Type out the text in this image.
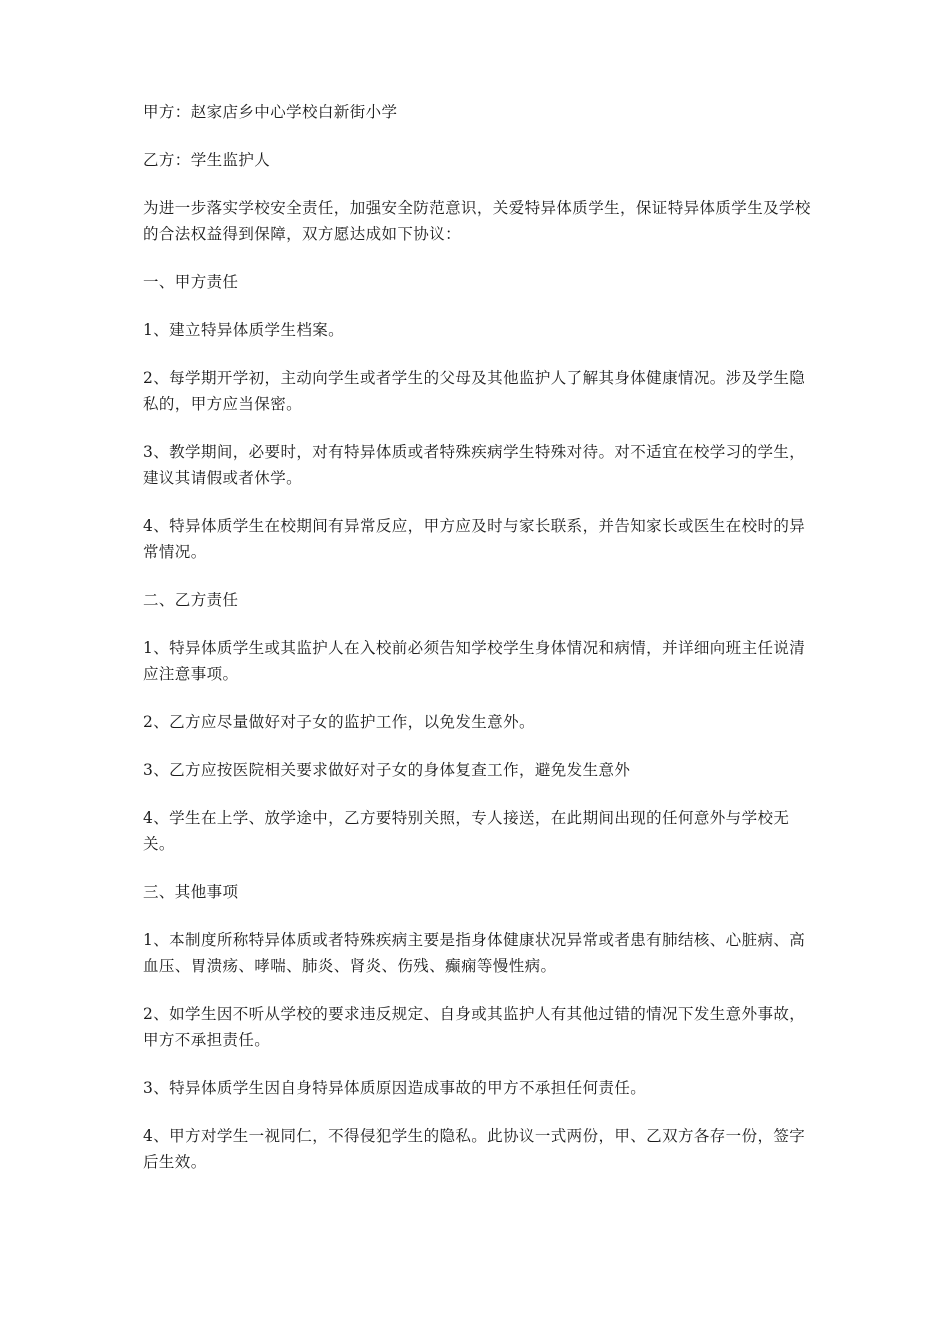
甲方：赵家店乡中心学校白新街小学

乙方：学生监护人

为进一步落实学校安全责任，加强安全防范意识，关爱特异体质学生，保证特异体质学生及学校的合法权益得到保障，双方愿达成如下协议：

一、甲方责任

1、建立特异体质学生档案。

2、每学期开学初，主动向学生或者学生的父母及其他监护人了解其身体健康情况。涉及学生隐私的，甲方应当保密。

3、教学期间，必要时，对有特异体质或者特殊疾病学生特殊对待。对不适宜在校学习的学生，建议其请假或者休学。

4、特异体质学生在校期间有异常反应，甲方应及时与家长联系，并告知家长或医生在校时的异常情况。

二、乙方责任

1、特异体质学生或其监护人在入校前必须告知学校学生身体情况和病情，并详细向班主任说清应注意事项。

2、乙方应尽量做好对子女的监护工作，以免发生意外。

3、乙方应按医院相关要求做好对子女的身体复查工作，避免发生意外

4、学生在上学、放学途中，乙方要特别关照，专人接送，在此期间出现的任何意外与学校无关。

三、其他事项

1、本制度所称特异体质或者特殊疾病主要是指身体健康状况异常或者患有肺结核、心脏病、高血压、胃溃疡、哮喘、肺炎、肾炎、伤残、癫痫等慢性病。

2、如学生因不听从学校的要求违反规定、自身或其监护人有其他过错的情况下发生意外事故，甲方不承担责任。

3、特异体质学生因自身特异体质原因造成事故的甲方不承担任何责任。

4、甲方对学生一视同仁，不得侵犯学生的隐私。此协议一式两份，甲、乙双方各存一份，签字后生效。
